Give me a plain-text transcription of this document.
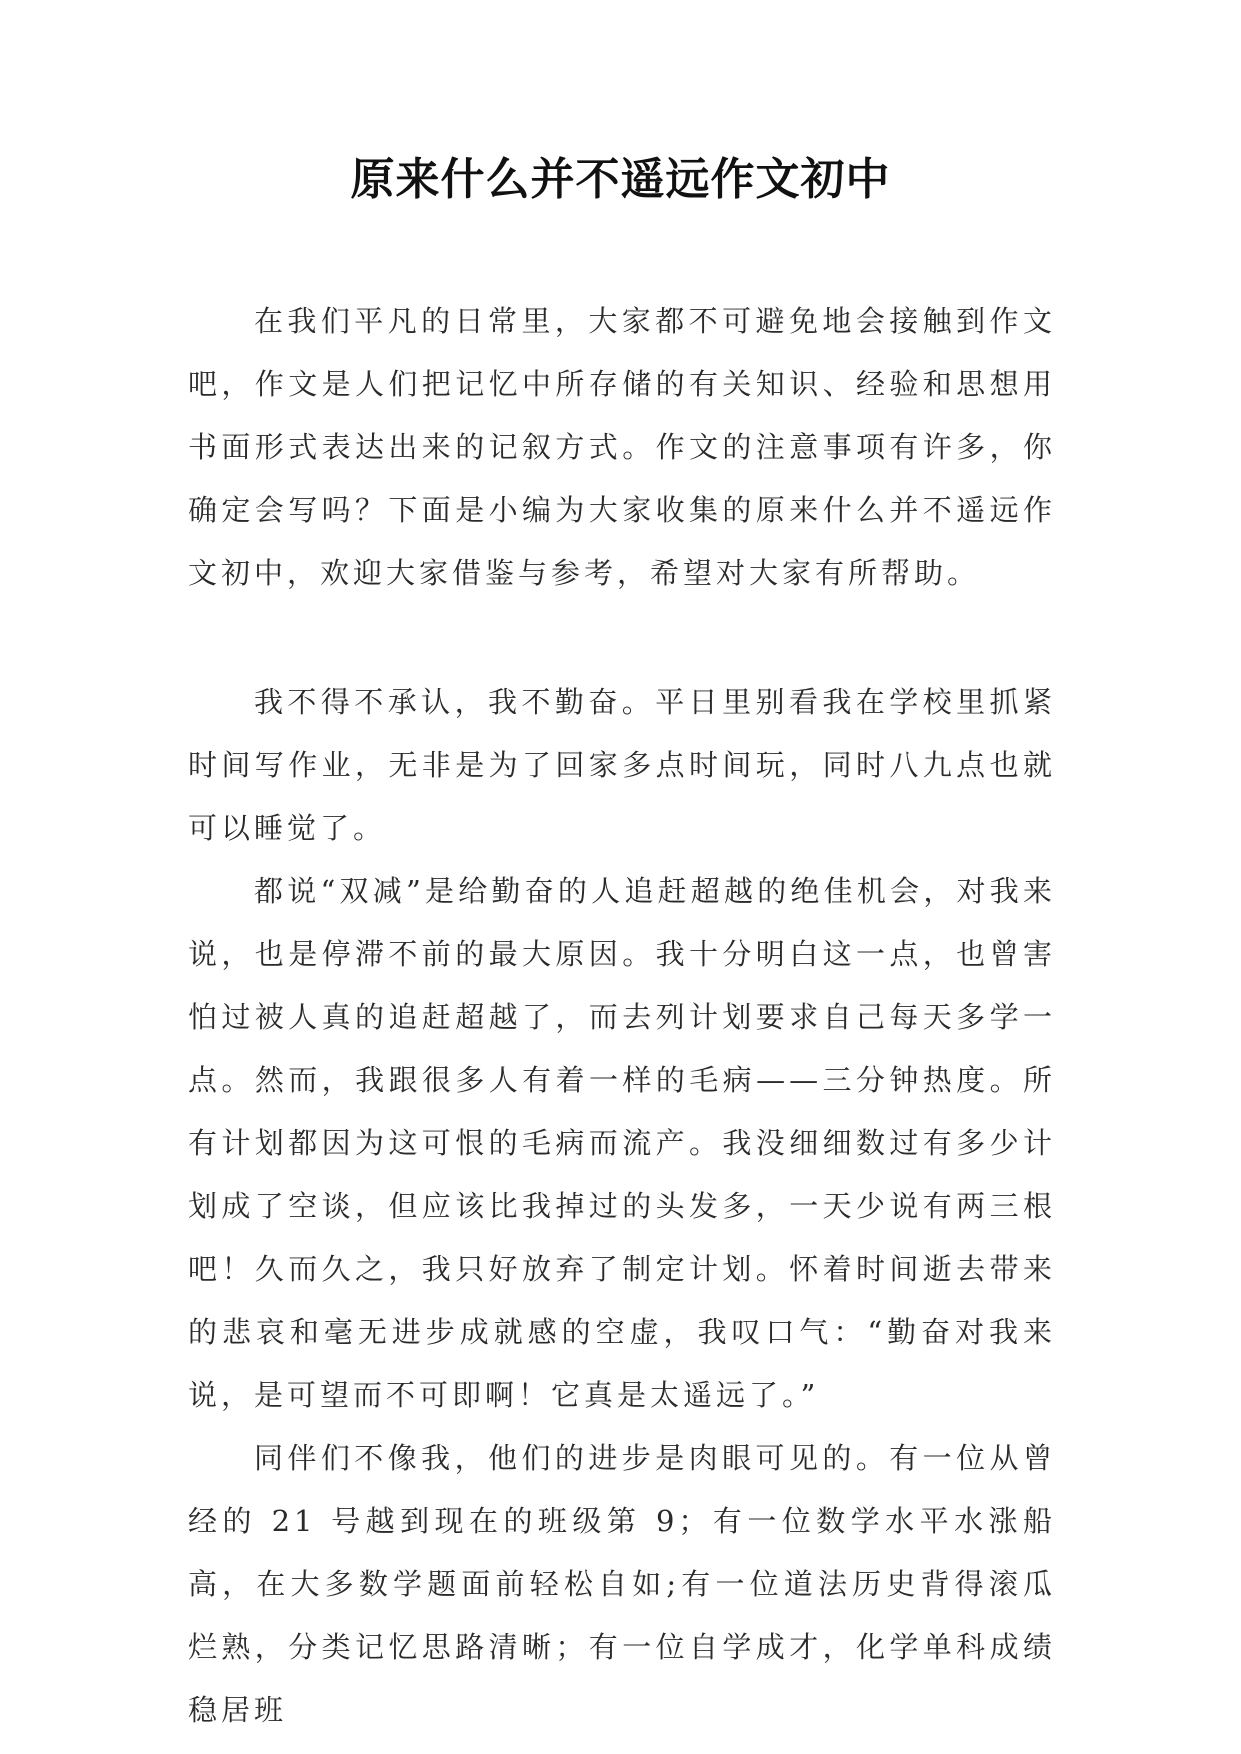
原来什么并不遥远作文初中

在我们平凡的日常里，大家都不可避免地会接触到作文吧，作文是人们把记忆中所存储的有关知识、经验和思想用书面形式表达出来的记叙方式。作文的注意事项有许多，你确定会写吗？下面是小编为大家收集的原来什么并不遥远作文初中，欢迎大家借鉴与参考，希望对大家有所帮助。

我不得不承认，我不勤奋。平日里别看我在学校里抓紧时间写作业，无非是为了回家多点时间玩，同时八九点也就可以睡觉了。

都说“双减”是给勤奋的人追赶超越的绝佳机会，对我来说，也是停滞不前的最大原因。我十分明白这一点，也曾害怕过被人真的追赶超越了，而去列计划要求自己每天多学一点。然而，我跟很多人有着一样的毛病——三分钟热度。所有计划都因为这可恨的毛病而流产。我没细细数过有多少计划成了空谈，但应该比我掉过的头发多，一天少说有两三根吧！久而久之，我只好放弃了制定计划。怀着时间逝去带来的悲哀和毫无进步成就感的空虚，我叹口气：“勤奋对我来说，是可望而不可即啊！它真是太遥远了。”

同伴们不像我，他们的进步是肉眼可见的。有一位从曾经的 21 号越到现在的班级第 9；有一位数学水平水涨船高，在大多数学题面前轻松自如;有一位道法历史背得滚瓜烂熟，分类记忆思路清晰；有一位自学成才，化学单科成绩稳居班
